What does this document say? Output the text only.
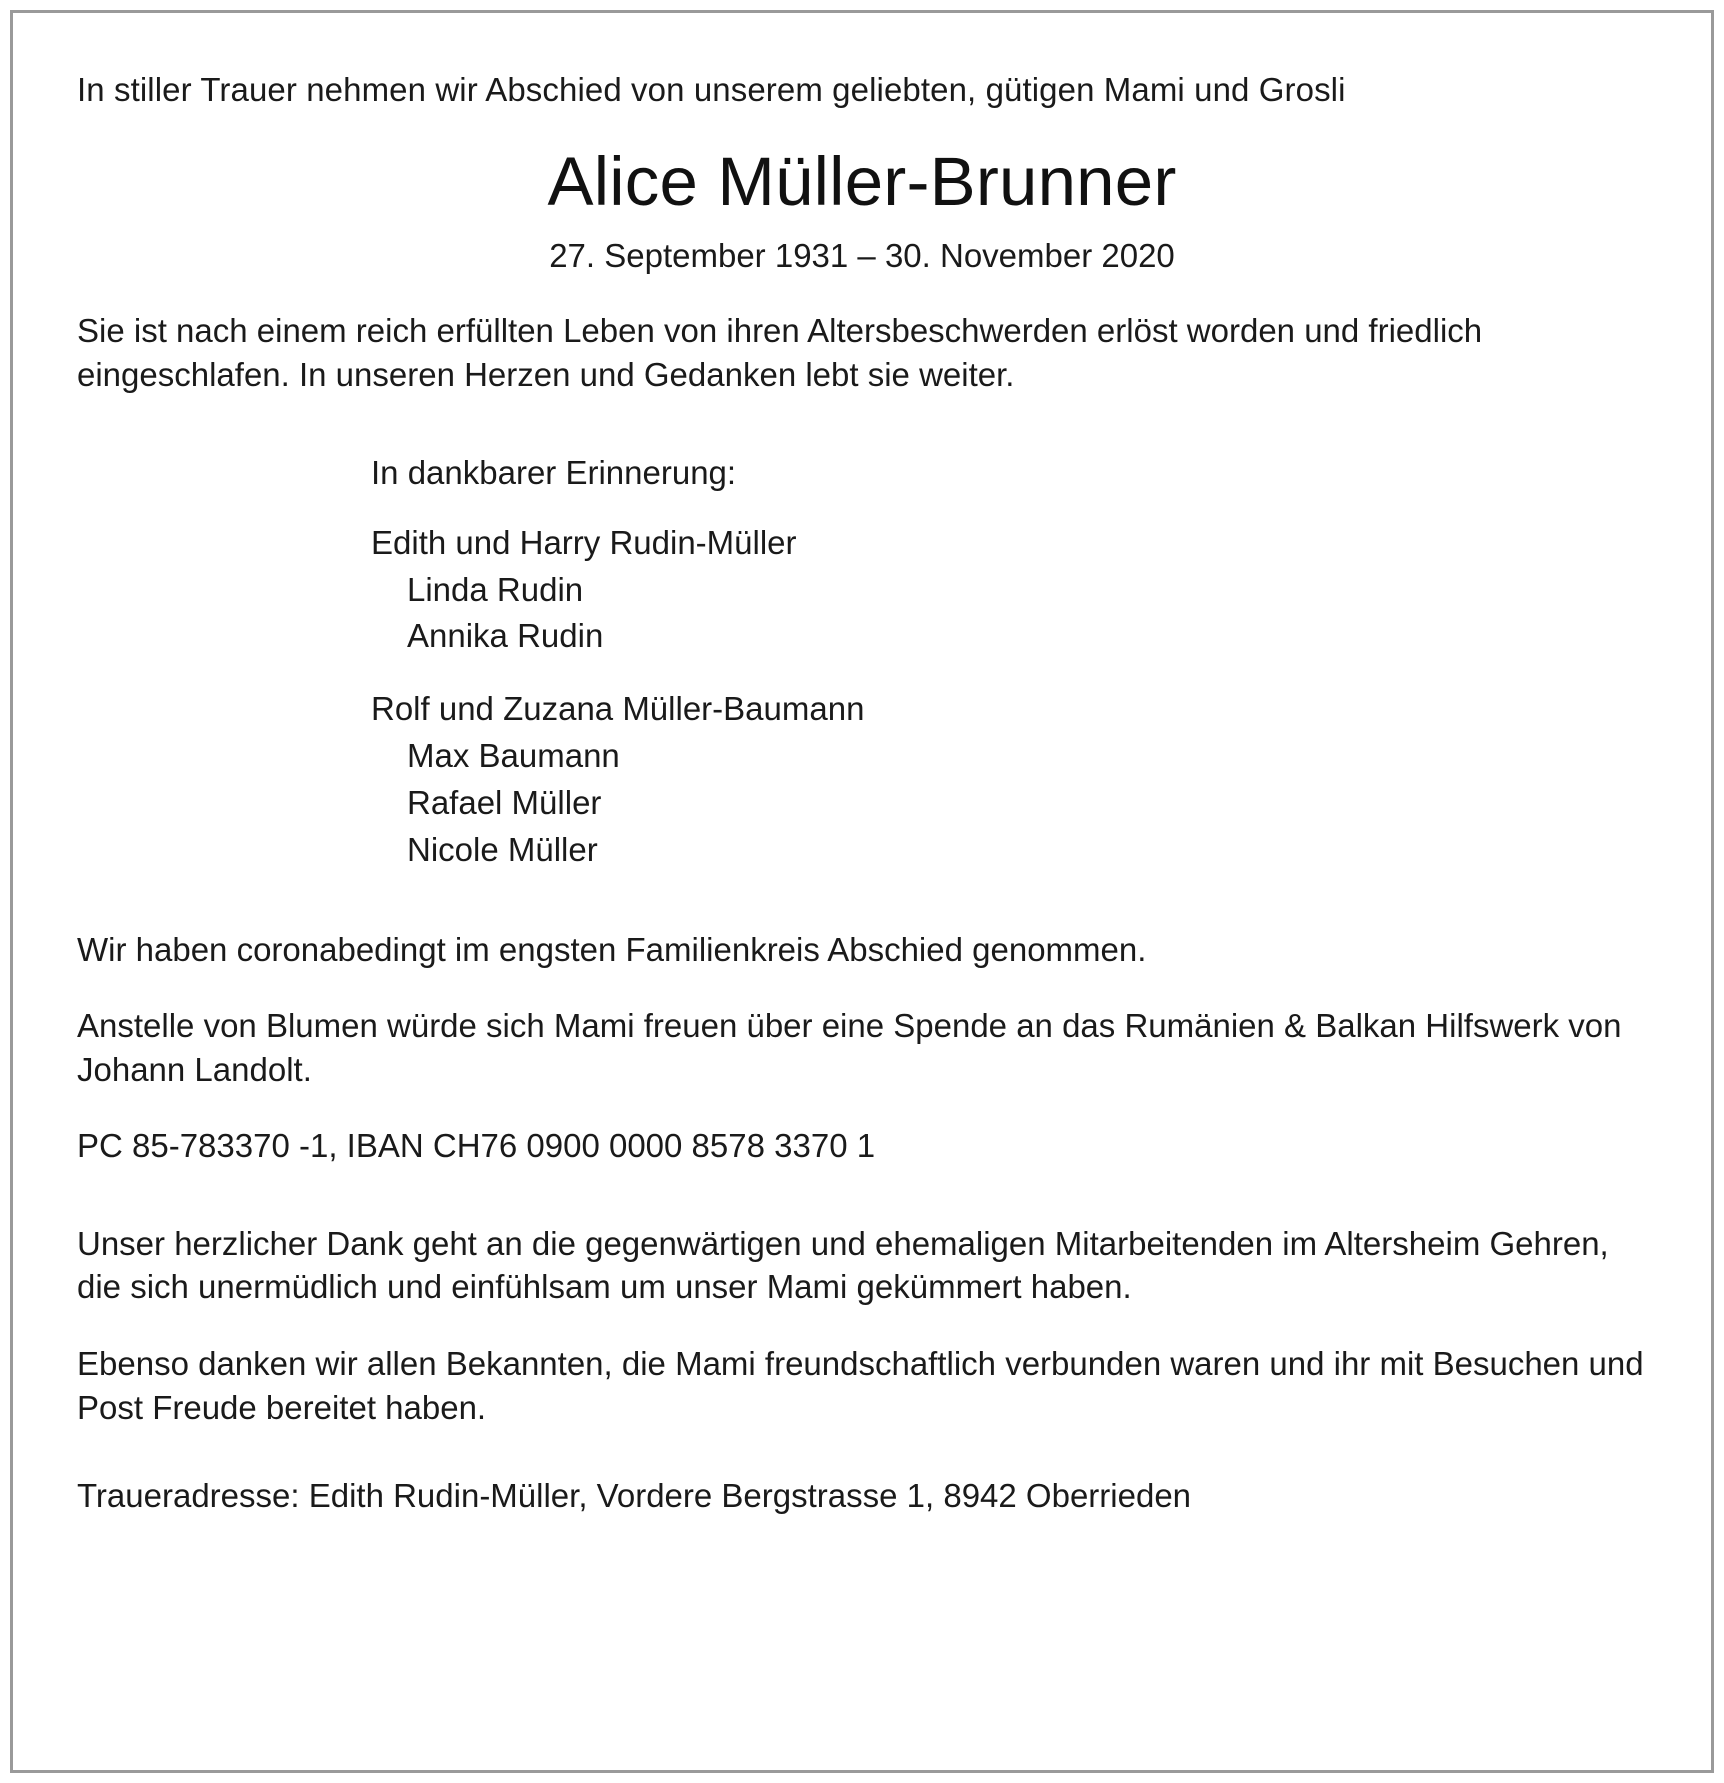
In stiller Trauer nehmen wir Abschied von unserem geliebten, gütigen Mami und Grosli

Alice Müller-Brunner
27. September 1931 – 30. November 2020

Sie ist nach einem reich erfüllten Leben von ihren Altersbeschwerden erlöst worden und friedlich eingeschlafen. In unseren Herzen und Gedanken lebt sie weiter.

In dankbarer Erinnerung:
Edith und Harry Rudin-Müller
Linda Rudin
Annika Rudin
Rolf und Zuzana Müller-Baumann
Max Baumann
Rafael Müller
Nicole Müller

Wir haben coronabedingt im engsten Familienkreis Abschied genommen.

Anstelle von Blumen würde sich Mami freuen über eine Spende an das Rumänien & Balkan Hilfswerk von Johann Landolt.

PC 85-783370 -1, IBAN CH76 0900 0000 8578 3370 1

Unser herzlicher Dank geht an die gegenwärtigen und ehemaligen Mitarbeitenden im Altersheim Gehren, die sich unermüdlich und einfühlsam um unser Mami gekümmert haben.

Ebenso danken wir allen Bekannten, die Mami freundschaftlich verbunden waren und ihr mit Besuchen und Post Freude bereitet haben.

Traueradresse: Edith Rudin-Müller, Vordere Bergstrasse 1, 8942 Oberrieden
